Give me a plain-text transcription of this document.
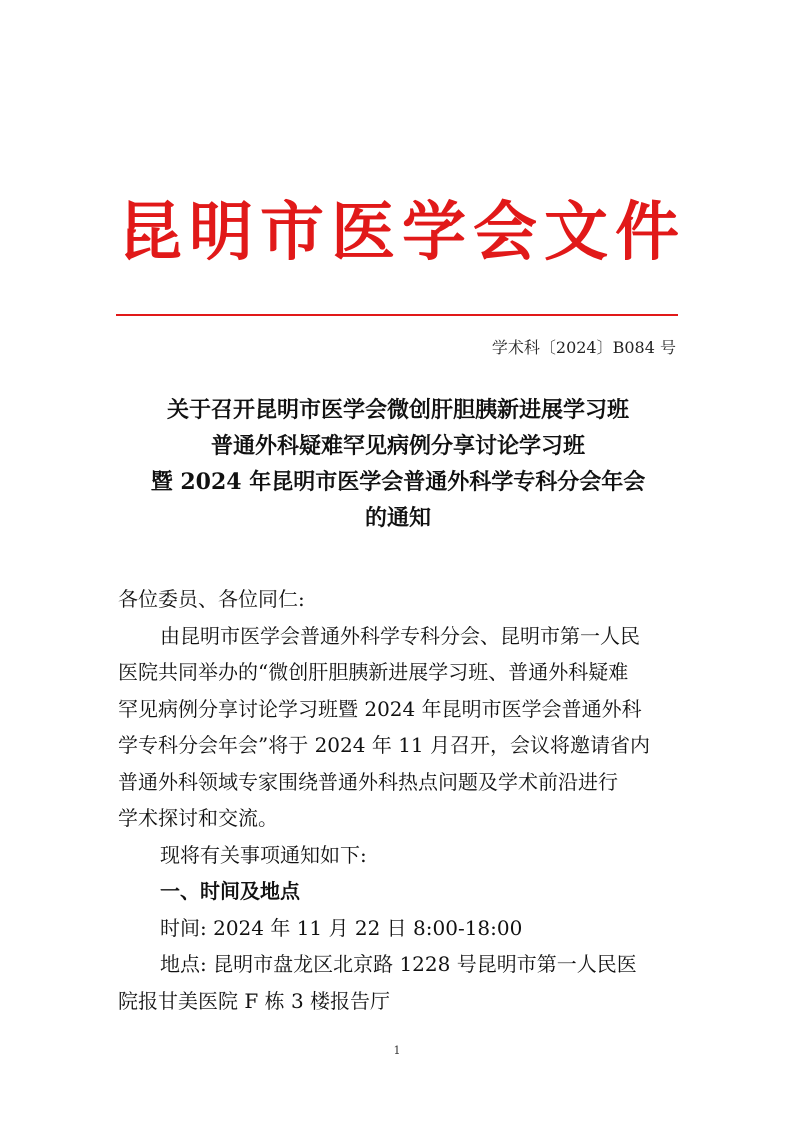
昆明市医学会文件
学术科〔2024〕B084 号
关于召开昆明市医学会微创肝胆胰新进展学习班
普通外科疑难罕见病例分享讨论学习班
暨 2024 年昆明市医学会普通外科学专科分会年会
的通知
各位委员、各位同仁:
由昆明市医学会普通外科学专科分会、昆明市第一人民
医院共同举办的“微创肝胆胰新进展学习班、普通外科疑难
罕见病例分享讨论学习班暨 2024 年昆明市医学会普通外科
学专科分会年会”将于 2024 年 11 月召开，会议将邀请省内
普通外科领域专家围绕普通外科热点问题及学术前沿进行
学术探讨和交流。
现将有关事项通知如下:
一、时间及地点
时间: 2024 年 11 月 22 日 8:00-18:00
地点: 昆明市盘龙区北京路 1228 号昆明市第一人民医
院报甘美医院 F 栋 3 楼报告厅
1
